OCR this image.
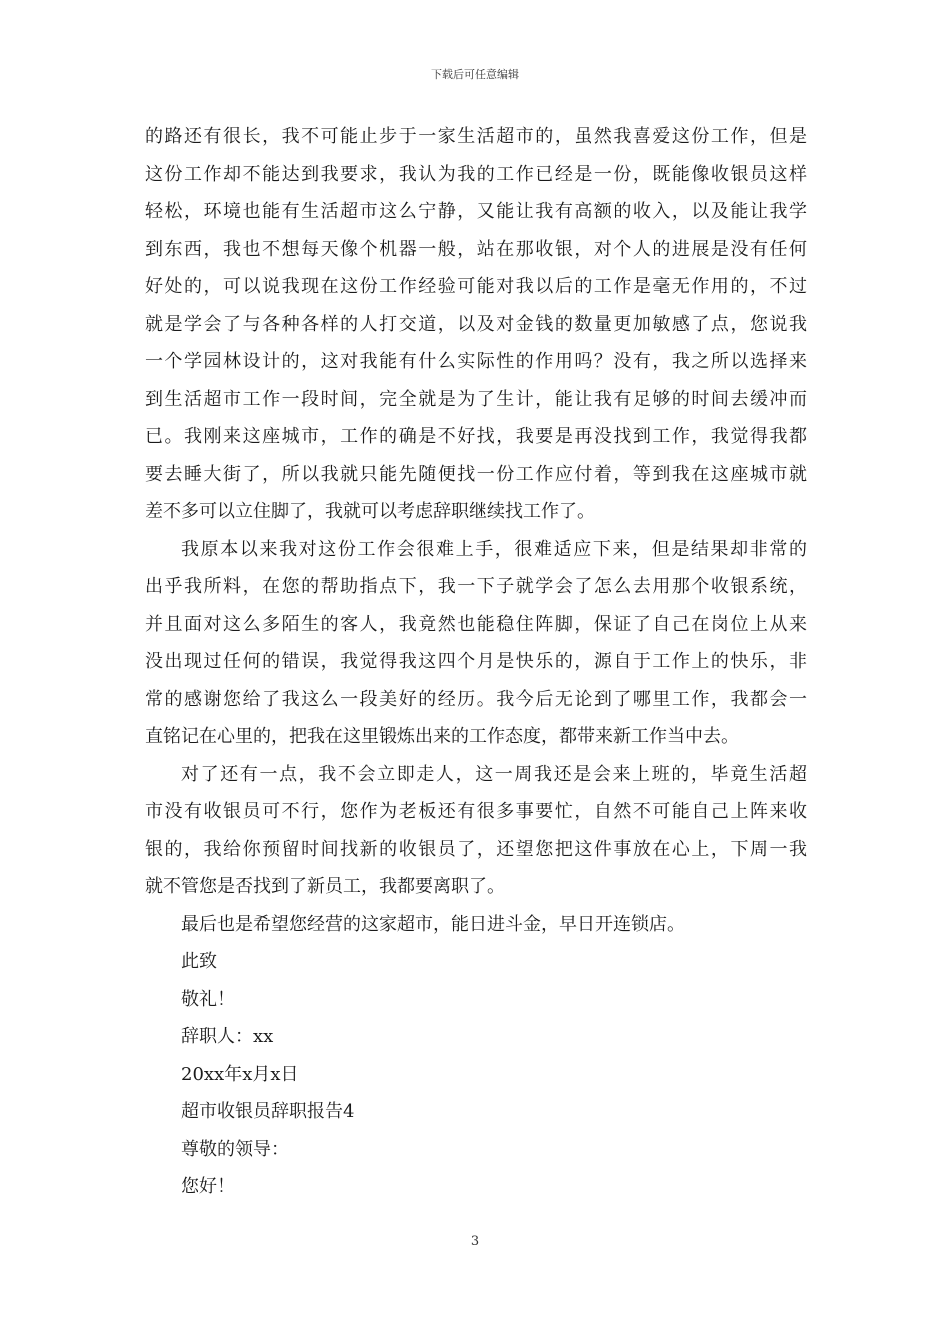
下载后可任意编辑
的路还有很长，我不可能止步于一家生活超市的，虽然我喜爱这份工作，但是
这份工作却不能达到我要求，我认为我的工作已经是一份，既能像收银员这样
轻松，环境也能有生活超市这么宁静，又能让我有高额的收入，以及能让我学
到东西，我也不想每天像个机器一般，站在那收银，对个人的进展是没有任何
好处的，可以说我现在这份工作经验可能对我以后的工作是毫无作用的，不过
就是学会了与各种各样的人打交道，以及对金钱的数量更加敏感了点，您说我
一个学园林设计的，这对我能有什么实际性的作用吗？没有，我之所以选择来
到生活超市工作一段时间，完全就是为了生计，能让我有足够的时间去缓冲而
已。我刚来这座城市，工作的确是不好找，我要是再没找到工作，我觉得我都
要去睡大街了，所以我就只能先随便找一份工作应付着，等到我在这座城市就
差不多可以立住脚了，我就可以考虑辞职继续找工作了。
我原本以来我对这份工作会很难上手，很难适应下来，但是结果却非常的
出乎我所料，在您的帮助指点下，我一下子就学会了怎么去用那个收银系统，
并且面对这么多陌生的客人，我竟然也能稳住阵脚，保证了自己在岗位上从来
没出现过任何的错误，我觉得我这四个月是快乐的，源自于工作上的快乐，非
常的感谢您给了我这么一段美好的经历。我今后无论到了哪里工作，我都会一
直铭记在心里的，把我在这里锻炼出来的工作态度，都带来新工作当中去。
对了还有一点，我不会立即走人，这一周我还是会来上班的，毕竟生活超
市没有收银员可不行，您作为老板还有很多事要忙，自然不可能自己上阵来收
银的，我给你预留时间找新的收银员了，还望您把这件事放在心上，下周一我
就不管您是否找到了新员工，我都要离职了。
最后也是希望您经营的这家超市，能日进斗金，早日开连锁店。
此致
敬礼！
辞职人：xx
20xx年x月x日
超市收银员辞职报告4
尊敬的领导：
您好！
3
